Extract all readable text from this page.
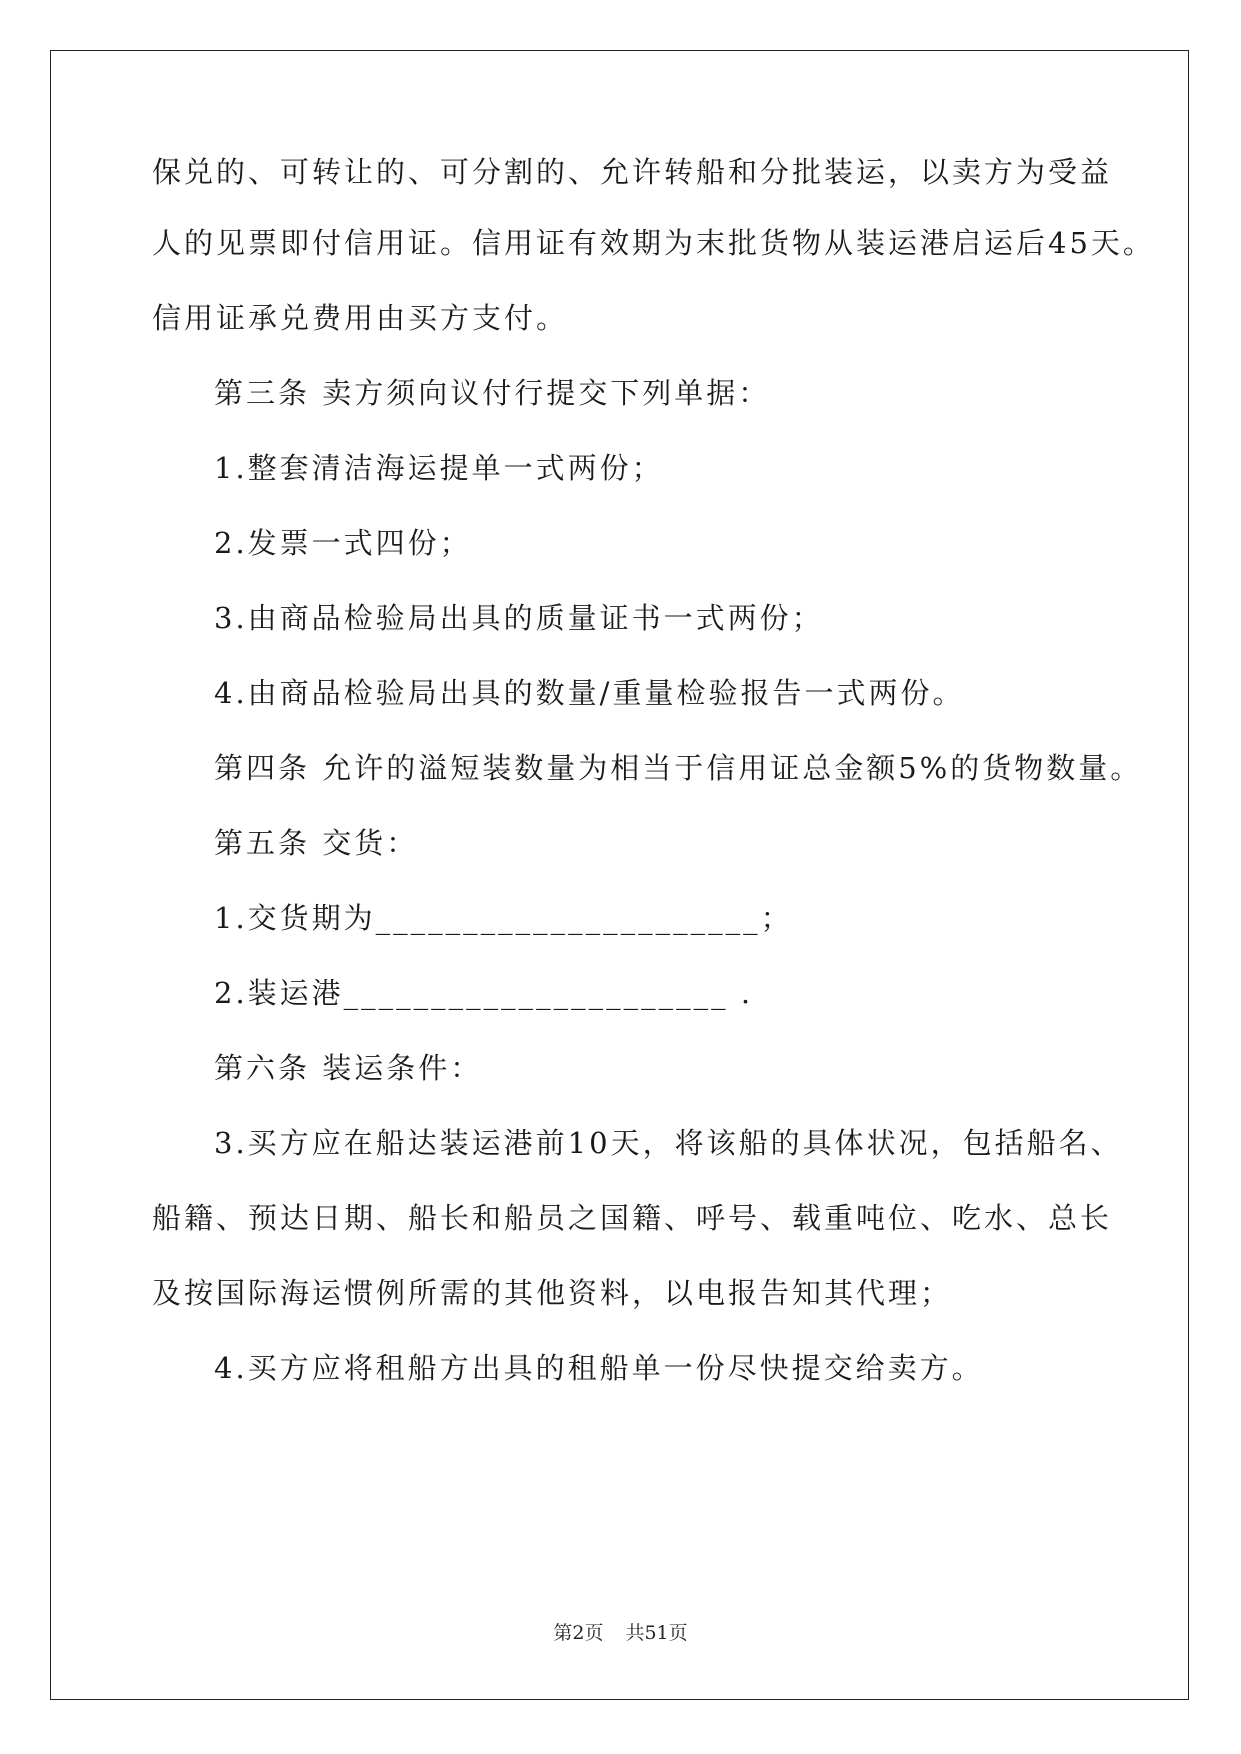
保兑的、可转让的、可分割的、允许转船和分批装运，以卖方为受益
人的见票即付信用证。信用证有效期为末批货物从装运港启运后45天。
信用证承兑费用由买方支付。
第三条 卖方须向议付行提交下列单据：
1.整套清洁海运提单一式两份；
2.发票一式四份；
3.由商品检验局出具的质量证书一式两份；
4.由商品检验局出具的数量/重量检验报告一式两份。
第四条 允许的溢短装数量为相当于信用证总金额5%的货物数量。
第五条 交货：
1.交货期为______________________；
2.装运港______________________ .
第六条 装运条件：
3.买方应在船达装运港前10天，将该船的具体状况，包括船名、
船籍、预达日期、船长和船员之国籍、呼号、载重吨位、吃水、总长
及按国际海运惯例所需的其他资料，以电报告知其代理；
4.买方应将租船方出具的租船单一份尽快提交给卖方。
第2页 共51页
